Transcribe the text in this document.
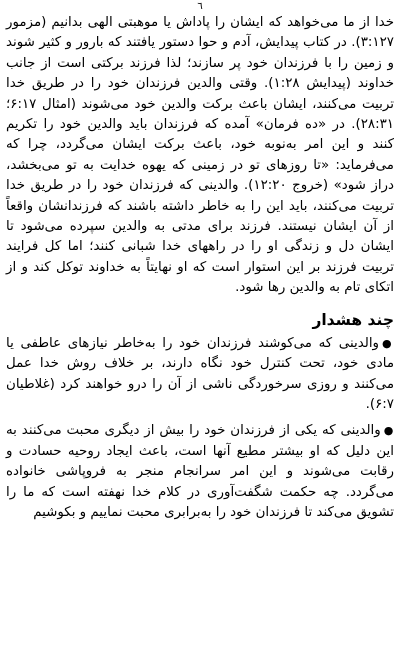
٦

خدا از ما می‌خواهد که ایشان را پاداش یا موهبتی الهی بدانیم (مزمور ۳:۱۲۷). در کتاب پیدایش، آدم و حوا دستور یافتند که بارور و کثیر شوند و زمین را با فرزندان خود پر سازند؛ لذا فرزند برکتی است از جانب خداوند (پیدایش ۱:۲۸). وقتی والدین فرزندان خود را در طریق خدا تربیت می‌کنند، ایشان باعث برکت والدین خود می‌شوند (امثال ۶:۱۷؛ ۲۸:۳۱). در «ده فرمان» آمده که فرزندان باید والدین خود را تکریم کنند و این امر به‌نوبه خود، باعث برکت ایشان می‌گردد، چرا که می‌فرماید: «تا روزهای تو در زمینی که یهوه خدایت به تو می‌بخشد، دراز شود» (خروج ۱۲:۲۰). والدینی که فرزندان خود را در طریق خدا تربیت می‌کنند، باید این را به خاطر داشته باشند که فرزندانشان واقعاً از آن ایشان نیستند. فرزند برای مدتی به والدین سپرده می‌شود تا ایشان دل و زندگی او را در راههای خدا شبانی کنند؛ اما کل فرایند تربیت فرزند بر این استوار است که او نهایتاً به خداوند توکل کند و از اتکای تام به والدین رها شود.

چند هشدار

●والدینی که می‌کوشند فرزندان خود را به‌خاطر نیازهای عاطفی یا مادی خود، تحت کنترل خود نگاه دارند، بر خلاف روش خدا عمل می‌کنند و روزی سرخوردگی ناشی از آن را درو خواهند کرد (غلاطیان ۶:۷).

●والدینی که یکی از فرزندان خود را بیش از دیگری محبت می‌کنند به این دلیل که او بیشتر مطیع آنها است، باعث ایجاد روحیه حسادت و رقابت می‌شوند و این امر سرانجام منجر به فروپاشی خانواده می‌گردد. چه حکمت شگفت‌آوری در کلام خدا نهفته است که ما را تشویق می‌کند تا فرزندان خود را به‌برابری محبت نماییم و بکوشیم
